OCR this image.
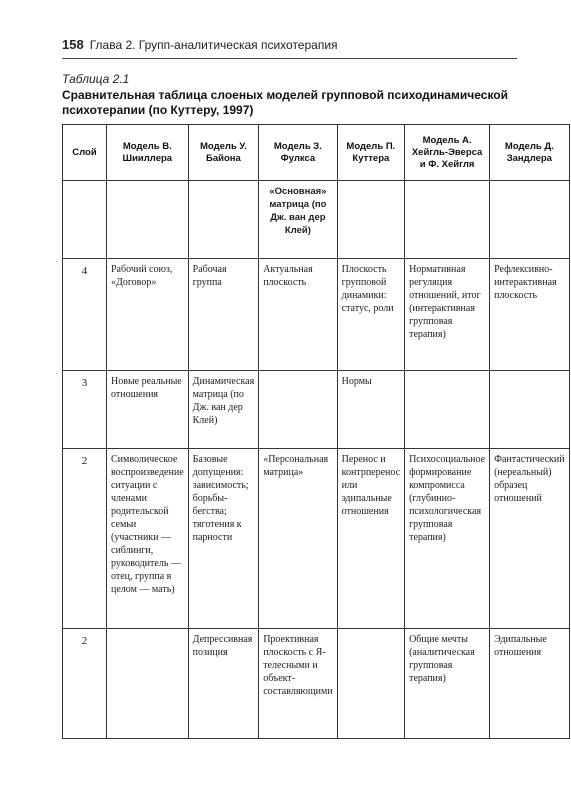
158 Глава 2. Групп-аналитическая психотерапия
Таблица 2.1
Сравнительная таблица слоеных моделей групповой психодинамической психотерапии (по Куттеру, 1997)
Слой	Модель В. Шииллера	Модель У. Байона	Модель З. Фулкса	Модель П. Куттера	Модель А. Хейгль-Эверса и Ф. Хейгля	Модель Д. Зандлера
			«Основная» матрица (по Дж. ван дер Клей)			
4	Рабочий союз, «Договор»	Рабочая группа	Актуальная плоскость	Плоскость групповой динамики: статус, роли	Нормативная регуляция отношений, итог (интерактивная групповая терапия)	Рефлексивно-интерактивная плоскость
3	Новые реальные отношения	Динамическая матрица (по Дж. ван дер Клей)		Нормы		
2	Символическое воспроизведение ситуации с членами родительской семьи (участники — сиблинги, руководитель — отец, группа в целом — мать)	Базовые допущения: зависимость; борьбы-бегства; тяготения к парности	«Персональная матрица»	Перенос и контрперенос или эдипальные отношения	Психосоциальное формирование компромисса (глубинно-психологическая групповая терапия)	Фантастический (нереальный) образец отношений
2		Депрессивная позиция	Проективная плоскость с Я-телесными и объект-составляющими		Общие мечты (аналитическая групповая терапия)	Эдипальные отношения
